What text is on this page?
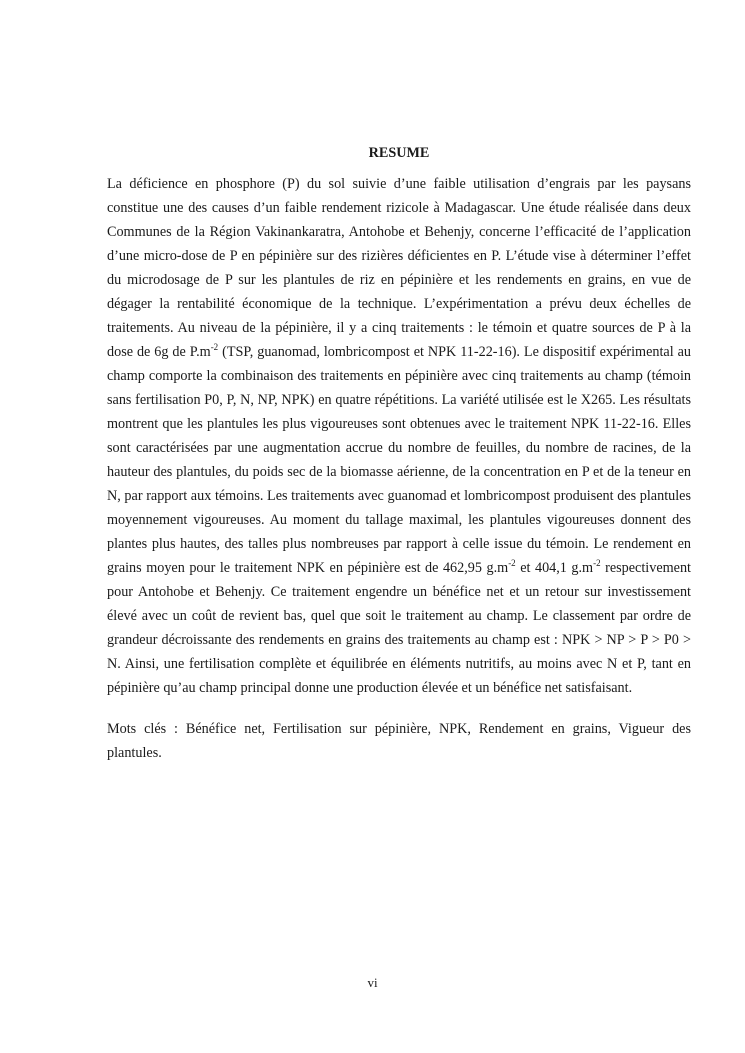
RESUME

La déficience en phosphore (P) du sol suivie d’une faible utilisation d’engrais par les paysans constitue une des causes d’un faible rendement rizicole à Madagascar. Une étude réalisée dans deux Communes de la Région Vakinankaratra, Antohobe et Behenjy, concerne l’efficacité de l’application d’une micro-dose de P en pépinière sur des rizières déficientes en P. L’étude vise à déterminer l’effet du microdosage de P sur les plantules de riz en pépinière et les rendements en grains, en vue de dégager la rentabilité économique de la technique. L’expérimentation a prévu deux échelles de traitements. Au niveau de la pépinière, il y a cinq traitements : le témoin et quatre sources de P à la dose de 6g de $P.m^{-2}$ (TSP, guanomad, lombricompost et NPK 11-22-16). Le dispositif expérimental au champ comporte la combinaison des traitements en pépinière avec cinq traitements au champ (témoin sans fertilisation P0, P, N, NP, NPK) en quatre répétitions. La variété utilisée est le X265. Les résultats montrent que les plantules les plus vigoureuses sont obtenues avec le traitement NPK 11-22-16. Elles sont caractérisées par une augmentation accrue du nombre de feuilles, du nombre de racines, de la hauteur des plantules, du poids sec de la biomasse aérienne, de la concentration en P et de la teneur en N, par rapport aux témoins. Les traitements avec guanomad et lombricompost produisent des plantules moyennement vigoureuses. Au moment du tallage maximal, les plantules vigoureuses donnent des plantes plus hautes, des talles plus nombreuses par rapport à celle issue du témoin. Le rendement en grains moyen pour le traitement NPK en pépinière est de 462,95 $g.m^{-2}$ et 404,1 $g.m^{-2}$ respectivement pour Antohobe et Behenjy. Ce traitement engendre un bénéfice net et un retour sur investissement élevé avec un coût de revient bas, quel que soit le traitement au champ. Le classement par ordre de grandeur décroissante des rendements en grains des traitements au champ est : NPK > NP > P > P0 > N. Ainsi, une fertilisation complète et équilibrée en éléments nutritifs, au moins avec N et P, tant en pépinière qu’au champ principal donne une production élevée et un bénéfice net satisfaisant.

Mots clés : Bénéfice net, Fertilisation sur pépinière, NPK, Rendement en grains, Vigueur des plantules.

vi
